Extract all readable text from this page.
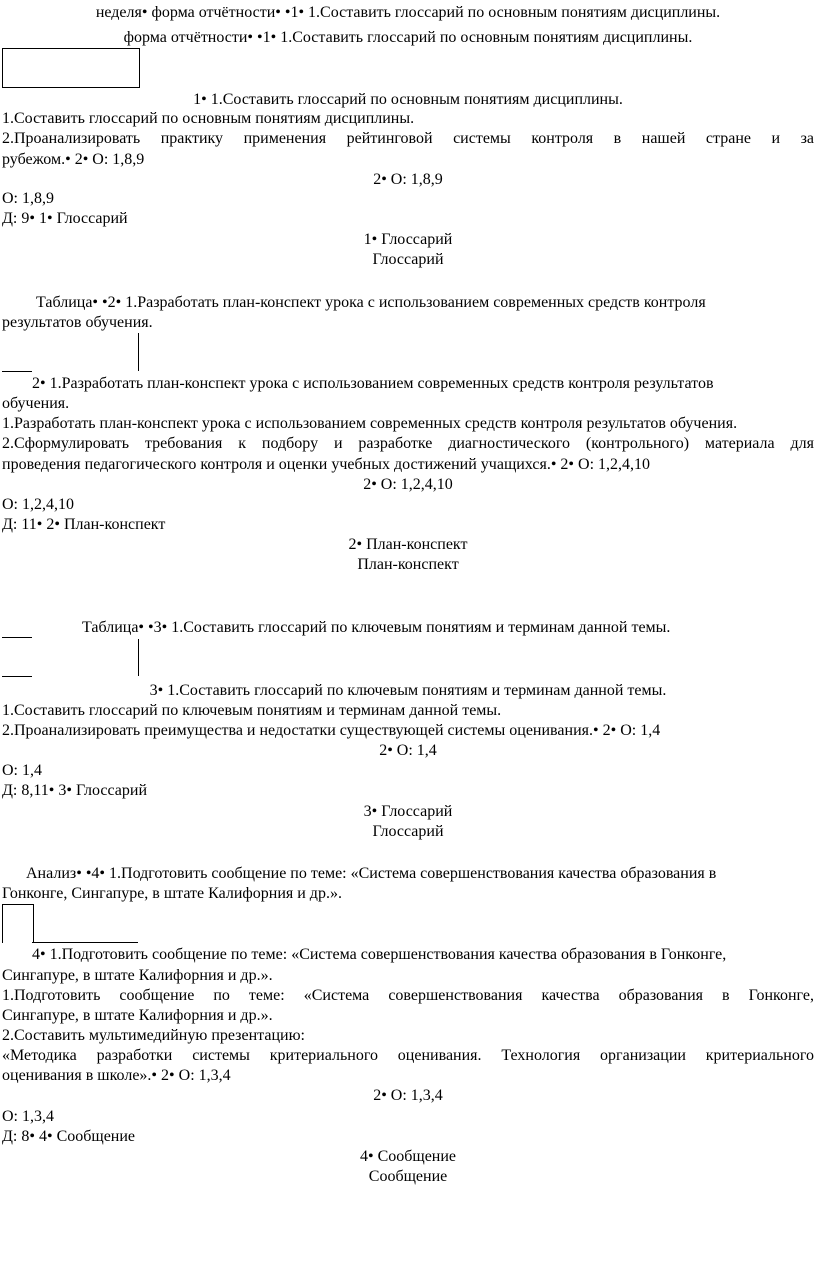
неделя• форма отчётности• •1• 1.Составить глоссарий по основным понятиям дисциплины.
форма отчётности• •1• 1.Составить глоссарий по основным понятиям дисциплины.
1• 1.Составить глоссарий по основным понятиям дисциплины.
1.Составить глоссарий по основным понятиям дисциплины.
2.Проанализировать практику применения рейтинговой системы контроля в нашей стране и за
рубежом.• 2• О: 1,8,9
2• О: 1,8,9
О: 1,8,9
Д: 9• 1• Глоссарий
1• Глоссарий
Глоссарий
Таблица• •2• 1.Разработать план-конспект урока с использованием современных средств контроля
результатов обучения.
2• 1.Разработать план-конспект урока с использованием современных средств контроля результатов
обучения.
1.Разработать план-конспект урока с использованием современных средств контроля результатов обучения.
2.Сформулировать требования к подбору и разработке диагностического (контрольного) материала для
проведения педагогического контроля и оценки учебных достижений учащихся.• 2• О: 1,2,4,10
2• О: 1,2,4,10
О: 1,2,4,10
Д: 11• 2• План-конспект
2• План-конспект
План-конспект
Таблица• •3• 1.Составить глоссарий по ключевым понятиям и терминам данной темы.
3• 1.Составить глоссарий по ключевым понятиям и терминам данной темы.
1.Составить глоссарий по ключевым понятиям и терминам данной темы.
2.Проанализировать преимущества и недостатки существующей системы оценивания.• 2• О: 1,4
2• О: 1,4
О: 1,4
Д: 8,11• 3• Глоссарий
3• Глоссарий
Глоссарий
Анализ• •4• 1.Подготовить сообщение по теме: «Система совершенствования качества образования в
Гонконге, Сингапуре, в штате Калифорния и др.».
4• 1.Подготовить сообщение по теме: «Система совершенствования качества образования в Гонконге,
Сингапуре, в штате Калифорния и др.».
1.Подготовить сообщение по теме: «Система совершенствования качества образования в Гонконге,
Сингапуре, в штате Калифорния и др.».
2.Составить мультимедийную презентацию:
«Методика разработки системы критериального оценивания. Технология организации критериального
оценивания в школе».• 2• О: 1,3,4
2• О: 1,3,4
О: 1,3,4
Д: 8• 4• Сообщение
4• Сообщение
Сообщение
